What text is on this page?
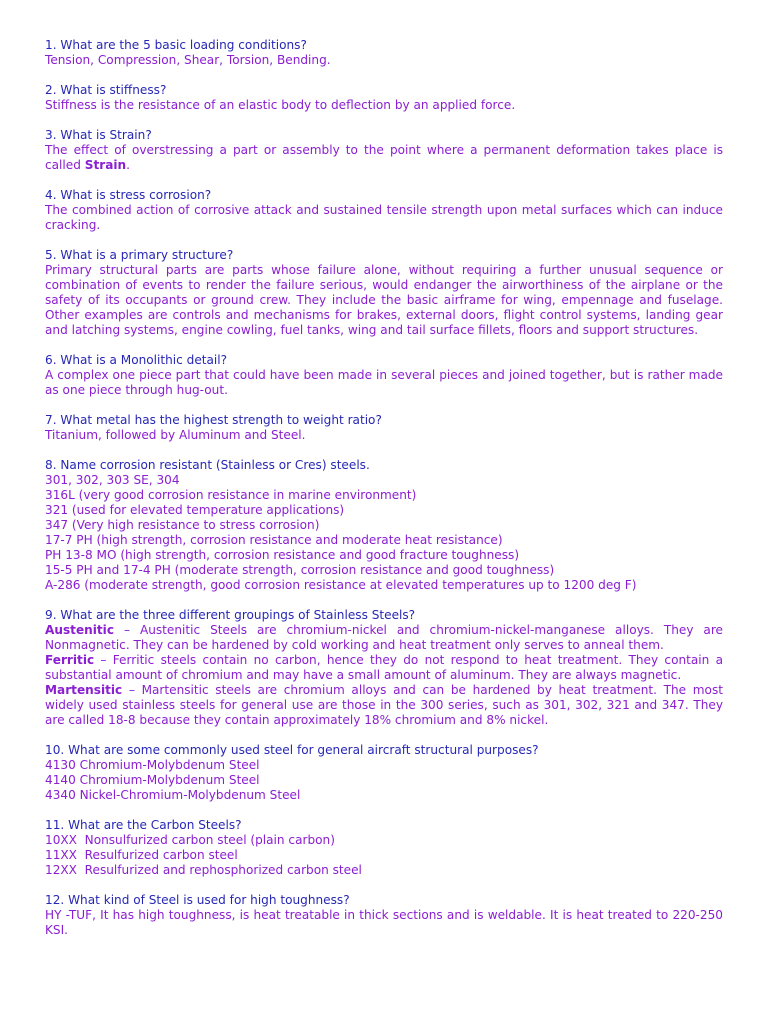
1. What are the 5 basic loading conditions?
Tension, Compression, Shear, Torsion, Bending.
2. What is stiffness?
Stiffness is the resistance of an elastic body to deflection by an applied force.
3. What is Strain?
The effect of overstressing a part or assembly to the point where a permanent deformation takes place is called Strain.
4. What is stress corrosion?
The combined action of corrosive attack and sustained tensile strength upon metal surfaces which can induce cracking.
5. What is a primary structure?
Primary structural parts are parts whose failure alone, without requiring a further unusual sequence or combination of events to render the failure serious, would endanger the airworthiness of the airplane or the safety of its occupants or ground crew. They include the basic airframe for wing, empennage and fuselage. Other examples are controls and mechanisms for brakes, external doors, flight control systems, landing gear and latching systems, engine cowling, fuel tanks, wing and tail surface fillets, floors and support structures.
6. What is a Monolithic detail?
A complex one piece part that could have been made in several pieces and joined together, but is rather made as one piece through hug-out.
7. What metal has the highest strength to weight ratio?
Titanium, followed by Aluminum and Steel.
8. Name corrosion resistant (Stainless or Cres) steels.
301, 302, 303 SE, 304
316L (very good corrosion resistance in marine environment)
321 (used for elevated temperature applications)
347 (Very high resistance to stress corrosion)
17-7 PH (high strength, corrosion resistance and moderate heat resistance)
PH 13-8 MO (high strength, corrosion resistance and good fracture toughness)
15-5 PH and 17-4 PH (moderate strength, corrosion resistance and good toughness)
A-286 (moderate strength, good corrosion resistance at elevated temperatures up to 1200 deg F)
9. What are the three different groupings of Stainless Steels?
Austenitic – Austenitic Steels are chromium-nickel and chromium-nickel-manganese alloys. They are Nonmagnetic. They can be hardened by cold working and heat treatment only serves to anneal them.
Ferritic – Ferritic steels contain no carbon, hence they do not respond to heat treatment. They contain a substantial amount of chromium and may have a small amount of aluminum. They are always magnetic.
Martensitic – Martensitic steels are chromium alloys and can be hardened by heat treatment. The most widely used stainless steels for general use are those in the 300 series, such as 301, 302, 321 and 347. They are called 18-8 because they contain approximately 18% chromium and 8% nickel.
10. What are some commonly used steel for general aircraft structural purposes?
4130 Chromium-Molybdenum Steel
4140 Chromium-Molybdenum Steel
4340 Nickel-Chromium-Molybdenum Steel
11. What are the Carbon Steels?
10XX  Nonsulfurized carbon steel (plain carbon)
11XX  Resulfurized carbon steel
12XX  Resulfurized and rephosphorized carbon steel
12. What kind of Steel is used for high toughness?
HY -TUF, It has high toughness, is heat treatable in thick sections and is weldable. It is heat treated to 220-250 KSI.
